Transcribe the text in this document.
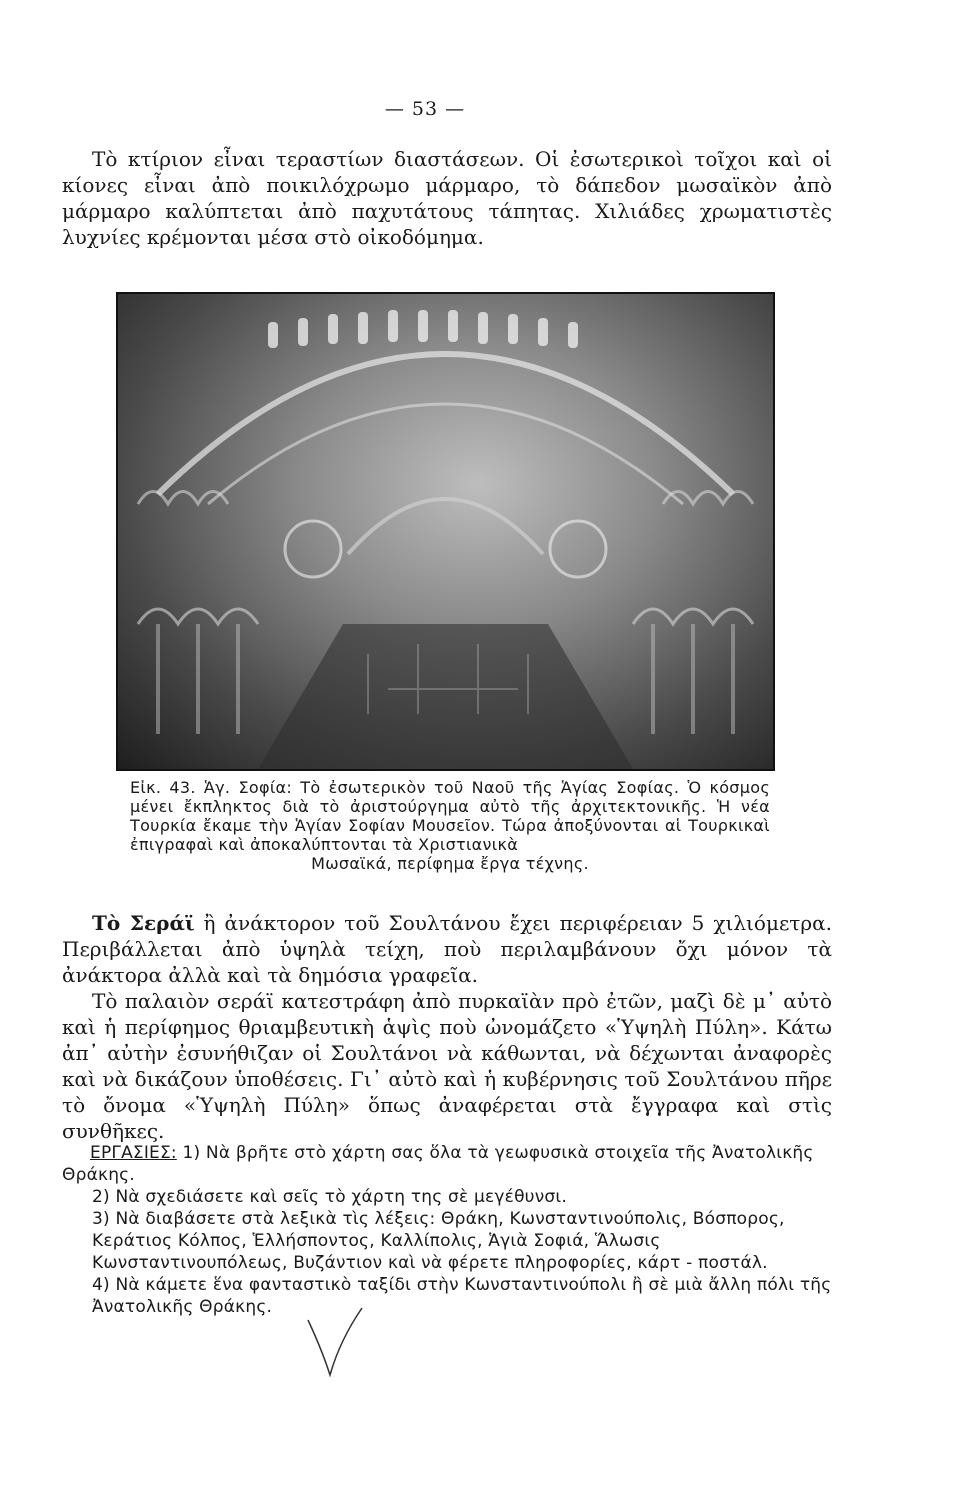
— 53 —

Τὸ κτίριον εἶναι τεραστίων διαστάσεων. Οἱ ἐσωτερικοὶ τοῖχοι καὶ οἱ κίονες εἶναι ἀπὸ ποικιλόχρωμο μάρμαρο, τὸ δάπεδον μωσαϊκὸν ἀπὸ μάρμαρο καλύπτεται ἀπὸ παχυτάτους τάπητας. Χιλιάδες χρωματιστὲς λυχνίες κρέμονται μέσα στὸ οἰκοδόμημα.

Εἰκ. 43. Ἁγ. Σοφία: Τὸ ἐσωτερικὸν τοῦ Ναοῦ τῆς Ἁγίας Σοφίας. Ὁ κόσμος μένει ἔκπληκτος διὰ τὸ ἀριστούργημα αὐτὸ τῆς ἀρχιτεκτονικῆς. Ἡ νέα Τουρκία ἔκαμε τὴν Ἁγίαν Σοφίαν Μουσεῖον. Τώρα ἀποξύνονται αἱ Τουρκικαὶ ἐπιγραφαὶ καὶ ἀποκαλύπτονται τὰ Χριστιανικὰ
Μωσαϊκά, περίφημα ἔργα τέχνης.

Τὸ Σεράϊ ἢ ἀνάκτορον τοῦ Σουλτάνου ἔχει περιφέρειαν 5 χιλιόμετρα. Περιβάλλεται ἀπὸ ὑψηλὰ τείχη, ποὺ περιλαμβάνουν ὄχι μόνον τὰ ἀνάκτορα ἀλλὰ καὶ τὰ δημόσια γραφεῖα.

Τὸ παλαιὸν σεράϊ κατεστράφη ἀπὸ πυρκαϊὰν πρὸ ἐτῶν, μαζὶ δὲ μ᾽ αὐτὸ καὶ ἡ περίφημος θριαμβευτικὴ ἁψὶς ποὺ ὠνομάζετο «Ὑψηλὴ Πύλη». Κάτω ἀπ᾽ αὐτὴν ἐσυνήθιζαν οἱ Σουλτάνοι νὰ κάθωνται, νὰ δέχωνται ἀναφορὲς καὶ νὰ δικάζουν ὑποθέσεις. Γι᾽ αὐτὸ καὶ ἡ κυβέρνησις τοῦ Σουλτάνου πῆρε τὸ ὄνομα «Ὑψηλὴ Πύλη» ὅπως ἀναφέρεται στὰ ἔγγραφα καὶ στὶς συνθῆκες.

ΕΡΓΑΣΙΕΣ: 1) Νὰ βρῆτε στὸ χάρτη σας ὅλα τὰ γεωφυσικὰ στοιχεῖα τῆς Ἀνατολικῆς Θράκης.

2) Νὰ σχεδιάσετε καὶ σεῖς τὸ χάρτη της σὲ μεγέθυνσι.

3) Νὰ διαβάσετε στὰ λεξικὰ τὶς λέξεις: Θράκη, Κωνσταντινούπολις, Βόσπορος, Κεράτιος Κόλπος, Ἑλλήσποντος, Καλλίπολις, Ἁγιὰ Σοφιά, Ἅλωσις Κωνσταντινουπόλεως, Βυζάντιον καὶ νὰ φέρετε πληροφορίες, κάρτ - ποστάλ.

4) Νὰ κάμετε ἕνα φανταστικὸ ταξίδι στὴν Κωνσταντινούπολι ἢ σὲ μιὰ ἄλλη πόλι τῆς Ἀνατολικῆς Θράκης.
